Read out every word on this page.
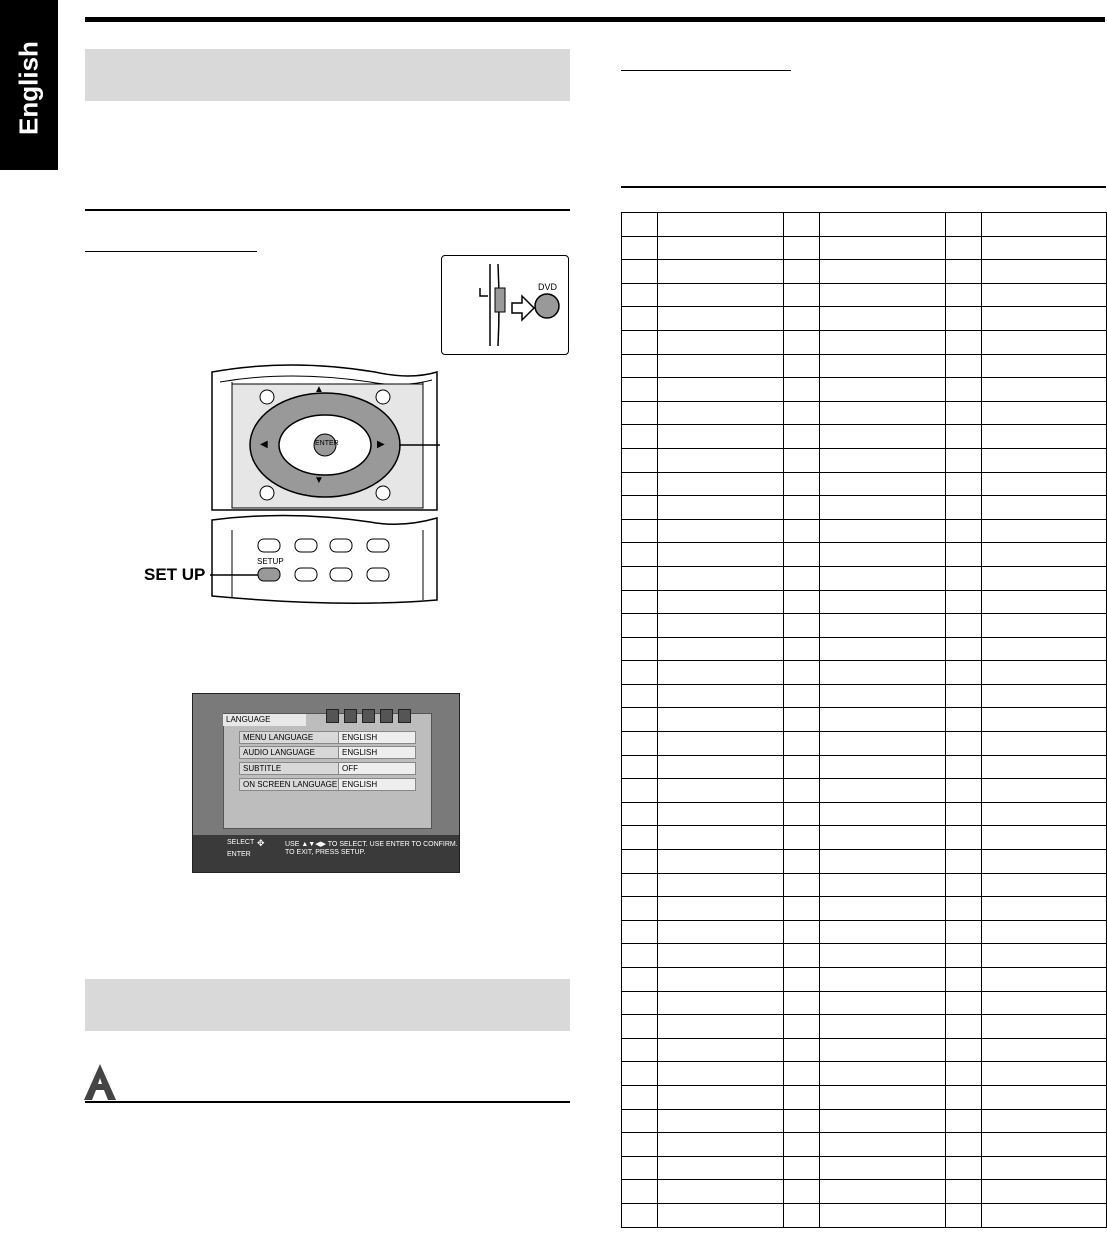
English
DVD
▲
▼
◀	▶
ENTER
SETUP
SET UP
LANGUAGE
MENU LANGUAGE	ENGLISH
AUDIO LANGUAGE	ENGLISH
SUBTITLE	OFF
ON SCREEN LANGUAGE ENGLISH
SELECT
ENTER
✥	USE ▲▼◀▶ TO SELECT. USE ENTER TO CONFIRM.
TO EXIT, PRESS SETUP.
